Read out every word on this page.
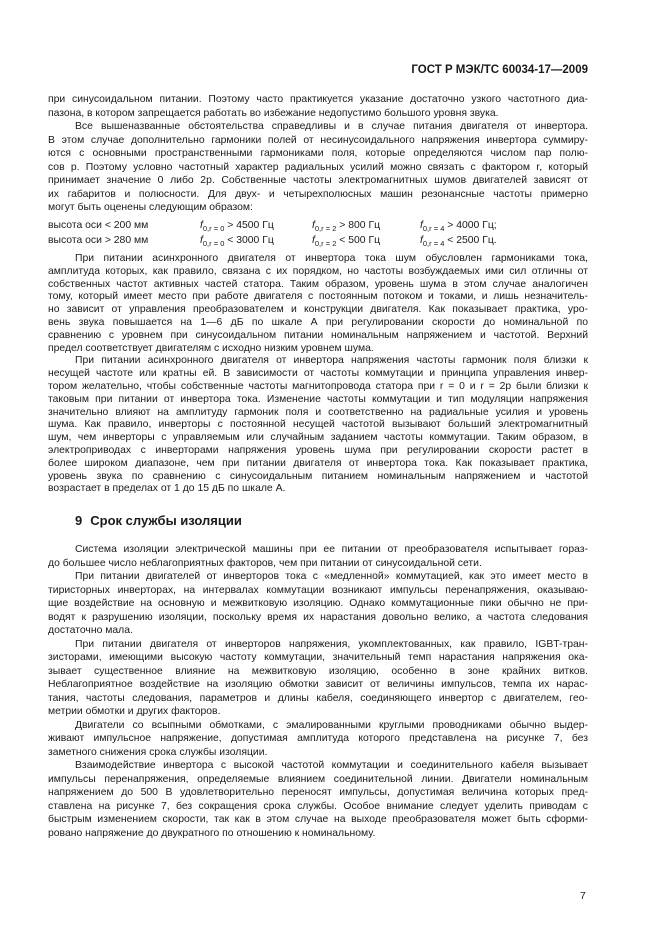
ГОСТ Р МЭК/ТС 60034-17—2009
при синусоидальном питании. Поэтому часто практикуется указание достаточно узкого частотного диа-
пазона, в котором запрещается работать во избежание недопустимо большого уровня звука.
Все вышеназванные обстоятельства справедливы и в случае питания двигателя от инвертора.
В этом случае дополнительно гармоники полей от несинусоидального напряжения инвертора суммиру-
ются с основными пространственными гармониками поля, которые определяются числом пар полю-
сов p. Поэтому условно частотный характер радиальных усилий можно связать с фактором r, который
принимает значение 0 либо 2p. Собственные частоты электромагнитных шумов двигателей зависят от
их габаритов и полюсности. Для двух- и четырехполюсных машин резонансные частоты примерно
могут быть оценены следующим образом:
высота оси < 200 мм	$f_{0,r = 0} > 4500$ Гц	$f_{0,r = 2} > 800$ Гц	$f_{0,r = 4} > 4000$ Гц;
высота оси > 280 мм	$f_{0,r = 0} < 3000$ Гц	$f_{0,r = 2} < 500$ Гц	$f_{0,r = 4} < 2500$ Гц.
При питании асинхронного двигателя от инвертора тока шум обусловлен гармониками тока,
амплитуда которых, как правило, связана с их порядком, но частоты возбуждаемых ими сил отличны от
собственных частот активных частей статора. Таким образом, уровень шума в этом случае аналогичен
тому, который имеет место при работе двигателя с постоянным потоком и токами, и лишь незначитель-
но зависит от управления преобразователем и конструкции двигателя. Как показывает практика, уро-
вень звука повышается на 1—6 дБ по шкале А при регулировании скорости до номинальной по
сравнению с уровнем при синусоидальном питании номинальным напряжением и частотой. Верхний
предел соответствует двигателям с исходно низким уровнем шума.
При питании асинхронного двигателя от инвертора напряжения частоты гармоник поля близки к
несущей частоте или кратны ей. В зависимости от частоты коммутации и принципа управления инвер-
тором желательно, чтобы собственные частоты магнитопровода статора при r = 0 и r = 2p были близки к
таковым при питании от инвертора тока. Изменение частоты коммутации и тип модуляции напряжения
значительно влияют на амплитуду гармоник поля и соответственно на радиальные усилия и уровень
шума. Как правило, инверторы с постоянной несущей частотой вызывают больший электромагнитный
шум, чем инверторы с управляемым или случайным заданием частоты коммутации. Таким образом, в
электроприводах с инверторами напряжения уровень шума при регулировании скорости растет в
более широком диапазоне, чем при питании двигателя от инвертора тока. Как показывает практика,
уровень звука по сравнению с синусоидальным питанием номинальным напряжением и частотой
возрастает в пределах от 1 до 15 дБ по шкале А.
9 Срок службы изоляции
Система изоляции электрической машины при ее питании от преобразователя испытывает гораз-
до большее число неблагоприятных факторов, чем при питании от синусоидальной сети.
При питании двигателей от инверторов тока с «медленной» коммутацией, как это имеет место в
тиристорных инверторах, на интервалах коммутации возникают импульсы перенапряжения, оказываю-
щие воздействие на основную и межвитковую изоляцию. Однако коммутационные пики обычно не при-
водят к разрушению изоляции, поскольку время их нарастания довольно велико, а частота следования
достаточно мала.
При питании двигателя от инверторов напряжения, укомплектованных, как правило, IGBT-тран-
зисторами, имеющими высокую частоту коммутации, значительный темп нарастания напряжения ока-
зывает существенное влияние на межвитковую изоляцию, особенно в зоне крайних витков.
Неблагоприятное воздействие на изоляцию обмотки зависит от величины импульсов, темпа их нарас-
тания, частоты следования, параметров и длины кабеля, соединяющего инвертор с двигателем, гео-
метрии обмотки и других факторов.
Двигатели со всыпными обмотками, с эмалированными круглыми проводниками обычно выдер-
живают импульсное напряжение, допустимая амплитуда которого представлена на рисунке 7, без
заметного снижения срока службы изоляции.
Взаимодействие инвертора с высокой частотой коммутации и соединительного кабеля вызывает
импульсы перенапряжения, определяемые влиянием соединительной линии. Двигатели номинальным
напряжением до 500 В удовлетворительно переносят импульсы, допустимая величина которых пред-
ставлена на рисунке 7, без сокращения срока службы. Особое внимание следует уделить приводам с
быстрым изменением скорости, так как в этом случае на выходе преобразователя может быть сформи-
ровано напряжение до двукратного по отношению к номинальному.
7
